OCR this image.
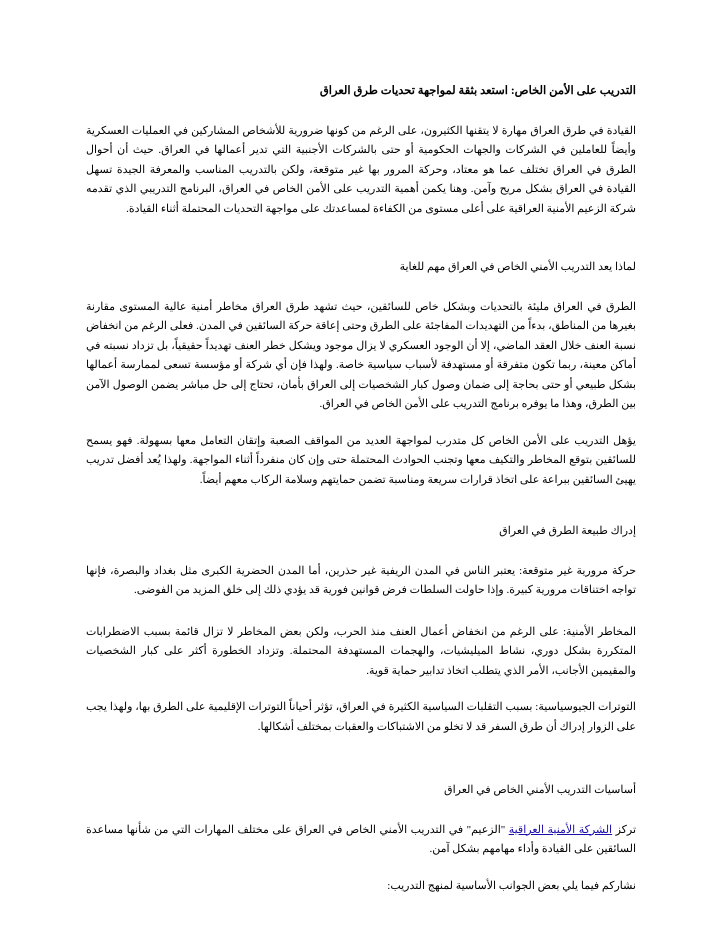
التدريب على الأمن الخاص: استعد بثقة لمواجهة تحديات طرق العراق

القيادة في طرق العراق مهارة لا يتقنها الكثيرون، على الرغم من كونها ضرورية للأشخاص المشاركين في العمليات العسكرية وأيضاً للعاملين في الشركات والجهات الحكومية أو حتى بالشركات الأجنبية التي تدير أعمالها في العراق. حيث أن أحوال الطرق في العراق تختلف عما هو معتاد، وحركة المرور بها غير متوقعة، ولكن بالتدريب المناسب والمعرفة الجيدة تسهل القيادة في العراق بشكل مريح وآمن. وهنا يكمن أهمية التدريب على الأمن الخاص في العراق، البرنامج التدريبي الذي تقدمه شركة الزعيم الأمنية العراقية على أعلى مستوى من الكفاءة لمساعدتك على مواجهة التحديات المحتملة أثناء القيادة.

لماذا يعد التدريب الأمني الخاص في العراق مهم للغاية

الطرق في العراق مليئة بالتحديات وبشكل خاص للسائقين، حيث تشهد طرق العراق مخاطر أمنية عالية المستوى مقارنة بغيرها من المناطق، بدءاً من التهديدات المفاجئة على الطرق وحتى إعاقة حركة السائقين في المدن. فعلى الرغم من انخفاض نسبة العنف خلال العقد الماضي، إلا أن الوجود العسكري لا يزال موجود ويشكل خطر العنف تهديداً حقيقياً، بل تزداد نسبته في أماكن معينة، ربما تكون متفرقة أو مستهدفة لأسباب سياسية خاصة. ولهذا فإن أي شركة أو مؤسسة تسعى لممارسة أعمالها بشكل طبيعي أو حتى بحاجة إلى ضمان وصول كبار الشخصيات إلى العراق بأمان، تحتاج إلى حل مباشر يضمن الوصول الآمن بين الطرق، وهذا ما يوفره برنامج التدريب على الأمن الخاص في العراق.

يؤهل التدريب على الأمن الخاص كل متدرب لمواجهة العديد من المواقف الصعبة وإتقان التعامل معها بسهولة. فهو يسمح للسائقين بتوقع المخاطر والتكيف معها وتجنب الحوادث المحتملة حتى وإن كان منفرداً أثناء المواجهة. ولهذا يُعد أفضل تدريب يهيئ السائقين ببراعة على اتخاذ قرارات سريعة ومناسبة تضمن حمايتهم وسلامة الركاب معهم أيضاً.

إدراك طبيعة الطرق في العراق

حركة مرورية غير متوقعة: يعتبر الناس في المدن الريفية غير حذرين، أما المدن الحضرية الكبرى مثل بغداد والبصرة، فإنها تواجه اختناقات مرورية كبيرة. وإذا حاولت السلطات فرض قوانين فورية قد يؤدي ذلك إلى خلق المزيد من الفوضى.

المخاطر الأمنية: على الرغم من انخفاض أعمال العنف منذ الحرب، ولكن بعض المخاطر لا تزال قائمة بسبب الاضطرابات المتكررة بشكل دوري، نشاط الميليشيات، والهجمات المستهدفة المحتملة. وتزداد الخطورة أكثر على كبار الشخصيات والمقيمين الأجانب، الأمر الذي يتطلب اتخاذ تدابير حماية قوية.

التوترات الجيوسياسية: بسبب التقلبات السياسية الكثيرة في العراق، تؤثر أحياناً التوترات الإقليمية على الطرق بها، ولهذا يجب على الزوار إدراك أن طرق السفر قد لا تخلو من الاشتباكات والعقبات بمختلف أشكالها.

أساسيات التدريب الأمني الخاص في العراق

تركز الشركة الأمنية العراقية "الزعيم" في التدريب الأمني الخاص في العراق على مختلف المهارات التي من شأنها مساعدة السائقين على القيادة وأداء مهامهم بشكل آمن.

نشاركم فيما يلي بعض الجوانب الأساسية لمنهج التدريب:
